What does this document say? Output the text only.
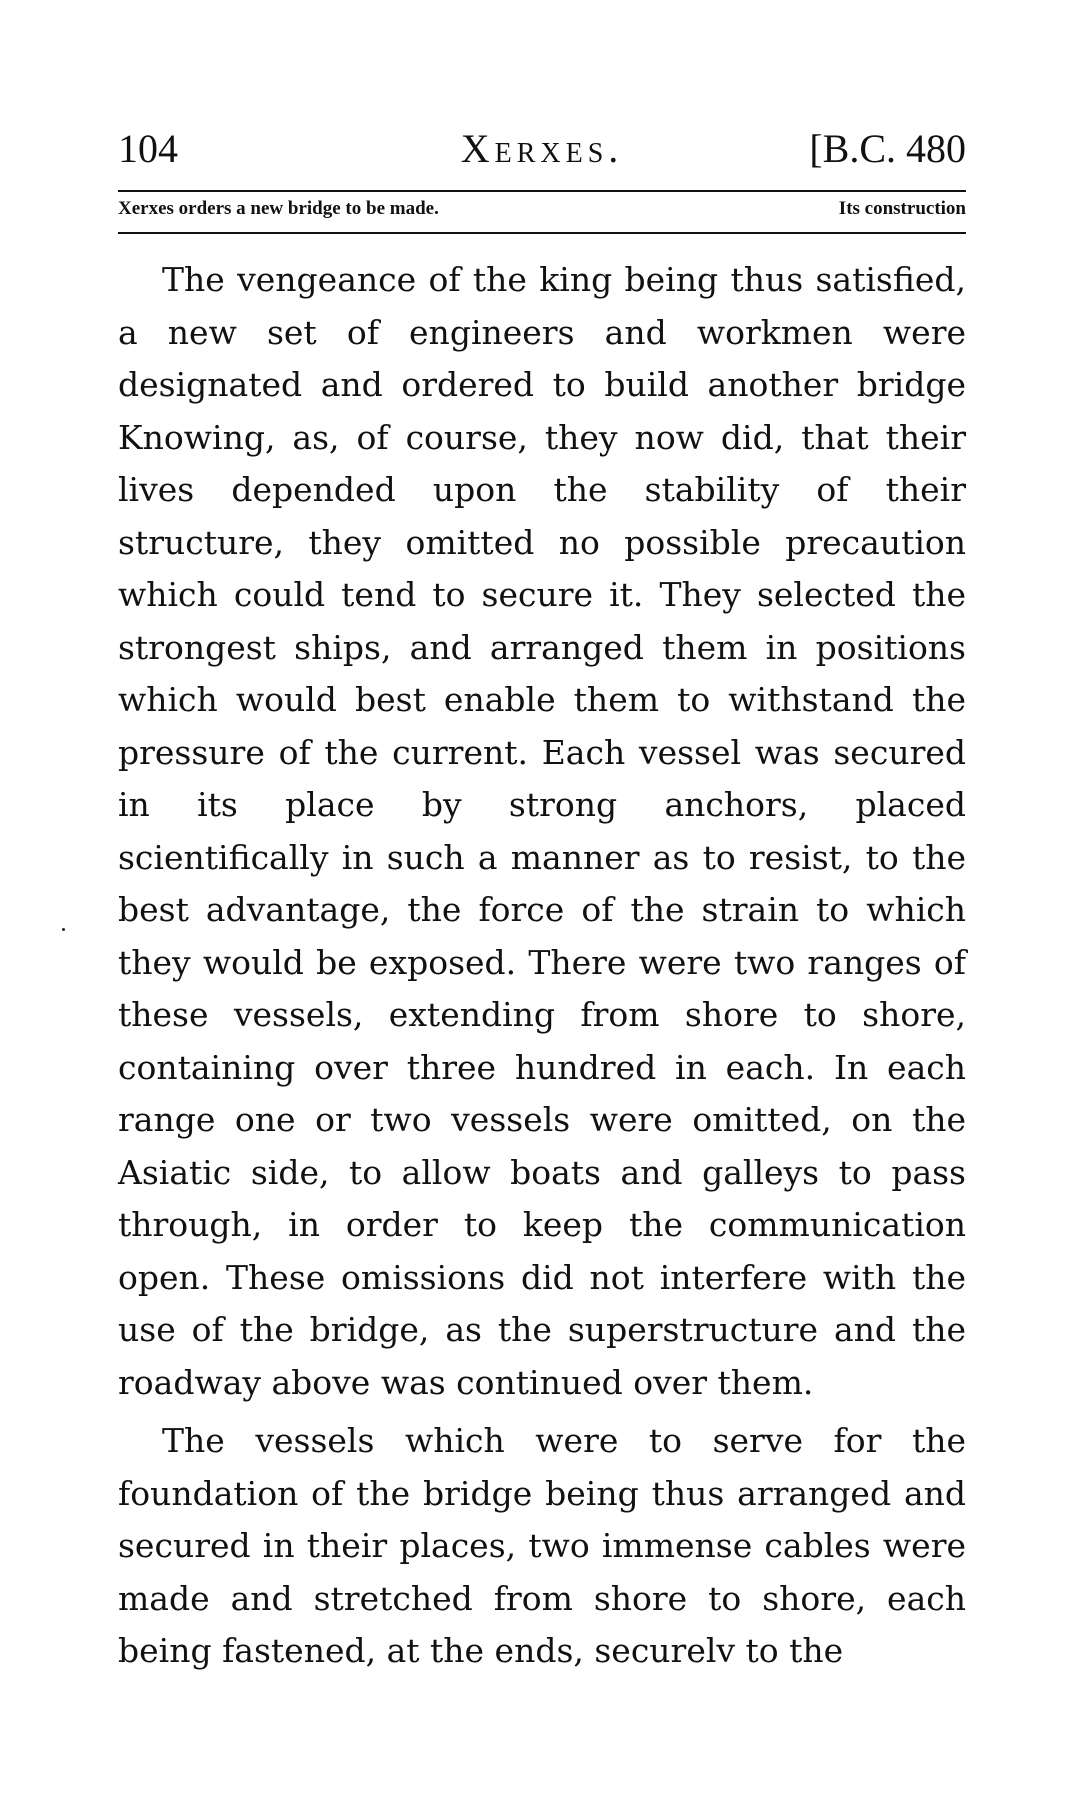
104	Xerxes.	[B.C. 480
Xerxes orders a new bridge to be made.	Its construction

The vengeance of the king being thus satisfied, a new set of engineers and workmen were designated and ordered to build another bridge Knowing, as, of course, they now did, that their lives depended upon the stability of their structure, they omitted no possible precaution which could tend to secure it. They selected the strongest ships, and arranged them in positions which would best enable them to withstand the pressure of the current. Each vessel was secured in its place by strong anchors, placed scientifically in such a manner as to resist, to the best advantage, the force of the strain to which they would be exposed. There were two ranges of these vessels, extending from shore to shore, containing over three hundred in each. In each range one or two vessels were omitted, on the Asiatic side, to allow boats and galleys to pass through, in order to keep the communication open. These omissions did not interfere with the use of the bridge, as the superstructure and the roadway above was continued over them.

The vessels which were to serve for the foundation of the bridge being thus arranged and secured in their places, two immense cables were made and stretched from shore to shore, each being fastened, at the ends, securelv to the
